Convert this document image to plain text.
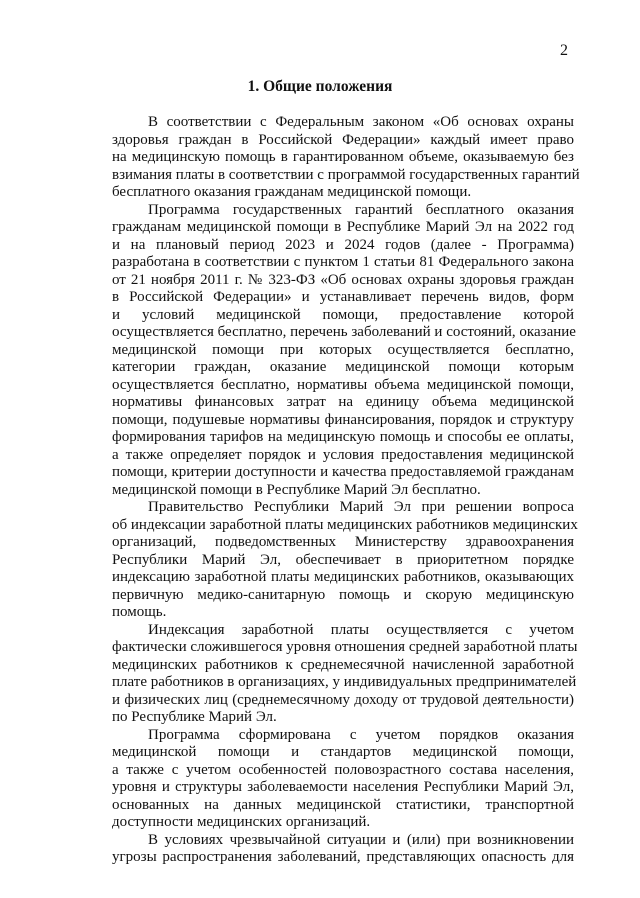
2
1. Общие положения
В соответствии с Федеральным законом «Об основах охраны
здоровья граждан в Российской Федерации» каждый имеет право
на медицинскую помощь в гарантированном объеме, оказываемую без
взимания платы в соответствии с программой государственных гарантий
бесплатного оказания гражданам медицинской помощи.
Программа государственных гарантий бесплатного оказания
гражданам медицинской помощи в Республике Марий Эл на 2022 год
и на плановый период 2023 и 2024 годов (далее - Программа)
разработана в соответствии с пунктом 1 статьи 81 Федерального закона
от 21 ноября 2011 г. № 323-ФЗ «Об основах охраны здоровья граждан
в Российской Федерации» и устанавливает перечень видов, форм
и условий медицинской помощи, предоставление которой
осуществляется бесплатно, перечень заболеваний и состояний, оказание
медицинской помощи при которых осуществляется бесплатно,
категории граждан, оказание медицинской помощи которым
осуществляется бесплатно, нормативы объема медицинской помощи,
нормативы финансовых затрат на единицу объема медицинской
помощи, подушевые нормативы финансирования, порядок и структуру
формирования тарифов на медицинскую помощь и способы ее оплаты,
а также определяет порядок и условия предоставления медицинской
помощи, критерии доступности и качества предоставляемой гражданам
медицинской помощи в Республике Марий Эл бесплатно.
Правительство Республики Марий Эл при решении вопроса
об индексации заработной платы медицинских работников медицинских
организаций, подведомственных Министерству здравоохранения
Республики Марий Эл, обеспечивает в приоритетном порядке
индексацию заработной платы медицинских работников, оказывающих
первичную медико-санитарную помощь и скорую медицинскую
помощь.
Индексация заработной платы осуществляется с учетом
фактически сложившегося уровня отношения средней заработной платы
медицинских работников к среднемесячной начисленной заработной
плате работников в организациях, у индивидуальных предпринимателей
и физических лиц (среднемесячному доходу от трудовой деятельности)
по Республике Марий Эл.
Программа сформирована с учетом порядков оказания
медицинской помощи и стандартов медицинской помощи,
а также с учетом особенностей половозрастного состава населения,
уровня и структуры заболеваемости населения Республики Марий Эл,
основанных на данных медицинской статистики, транспортной
доступности медицинских организаций.
В условиях чрезвычайной ситуации и (или) при возникновении
угрозы распространения заболеваний, представляющих опасность для
